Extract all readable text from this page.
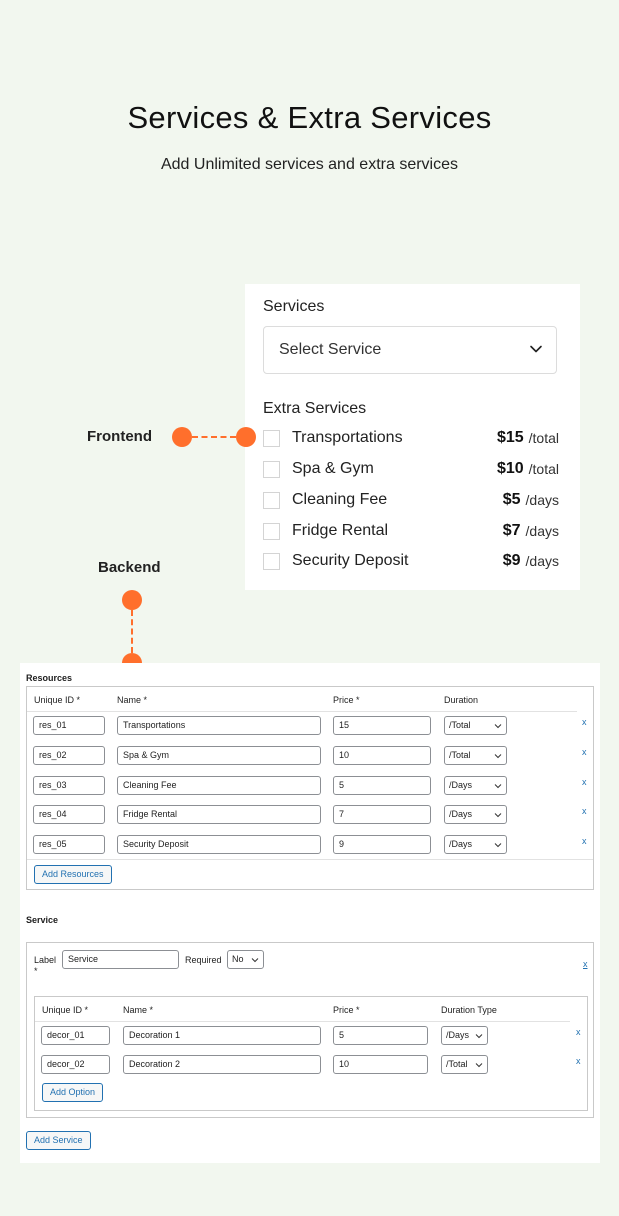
Services & Extra Services

Add Unlimited services and extra services

Services
Select Service
Extra Services
Transportations	$15 /total
Spa & Gym	$10 /total
Cleaning Fee	$5 /days
Fridge Rental	$7 /days
Security Deposit	$9 /days
Frontend
Backend
Resources
Unique ID *	Name *	Price *	Duration
res_01	Transportations	15	/Total	x
res_02	Spa & Gym	10	/Total	x
res_03	Cleaning Fee	5	/Days	x
res_04	Fridge Rental	7	/Days	x
res_05	Security Deposit	9	/Days	x
Add Resources
Service
Label
*
Service	Required	No	x
Unique ID *	Name *	Price *	Duration Type
decor_01	Decoration 1	5	/Days	x
decor_02	Decoration 2	10	/Total	x
Add Option
Add Service
